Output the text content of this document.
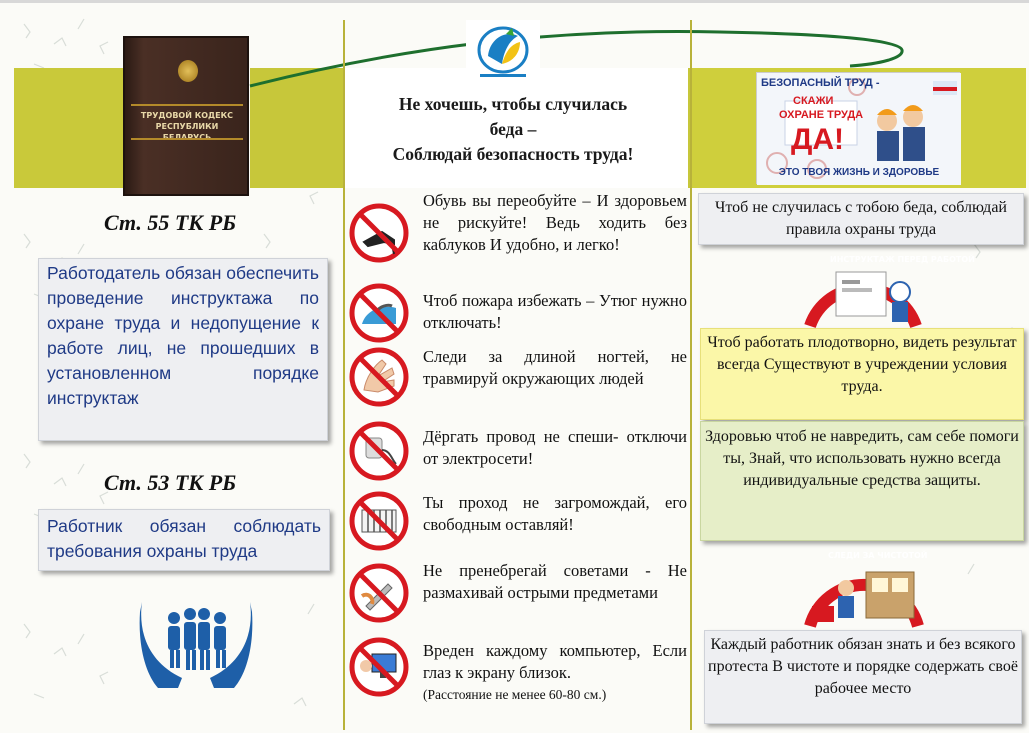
ТРУДОВОЙ КОДЕКС
РЕСПУБЛИКИ
Не хочешь, чтобы случилась
беда –
Соблюдай безопасность труда!
Ст. 55 ТК РБ
Работодатель обязан обеспечить проведение инструктажа по охране труда и недопущение к работе лиц, не прошедших в установленном порядке инструктаж
Ст. 53 ТК РБ
Работник обязан соблюдать требования охраны труда
Обувь вы переобуйте – И здоровьем не рискуйте! Ведь ходить без каблуков И удобно, и легко!
Чтоб пожара избежать – Утюг нужно отключать!
Следи за длиной ногтей, не травмируй окружающих людей
Дёргать провод не спеши- отключи от электросети!
Ты проход не загромождай, его свободным оставляй!
Не пренебрегай советами - Не размахивай острыми предметами
Вреден каждому компьютер, Если глаз к экрану близок.
(Расстояние не менее 60-80 см.)
БЕЗОПАСНЫЙ ТРУД -
СКАЖИ
ОХРАНЕ ТРУДА
ДА!
ЭТО ТВОЯ ЖИЗНЬ И ЗДОРОВЬЕ
Чтоб не случилась с тобою беда, соблюдай правила охраны труда
ИНСТРУКТАЖ ПЕРЕД РАБОТОЙ
Чтоб работать плодотворно, видеть результат всегда Существуют в учреждении условия труда.
Здоровью чтоб не навредить, сам себе помоги ты, Знай, что использовать нужно всегда индивидуальные средства защиты.
СЛЕДИ ЗА ЧИСТОТОЙ
Каждый работник обязан знать и без всякого протеста В чистоте и порядке содержать своё рабочее место
